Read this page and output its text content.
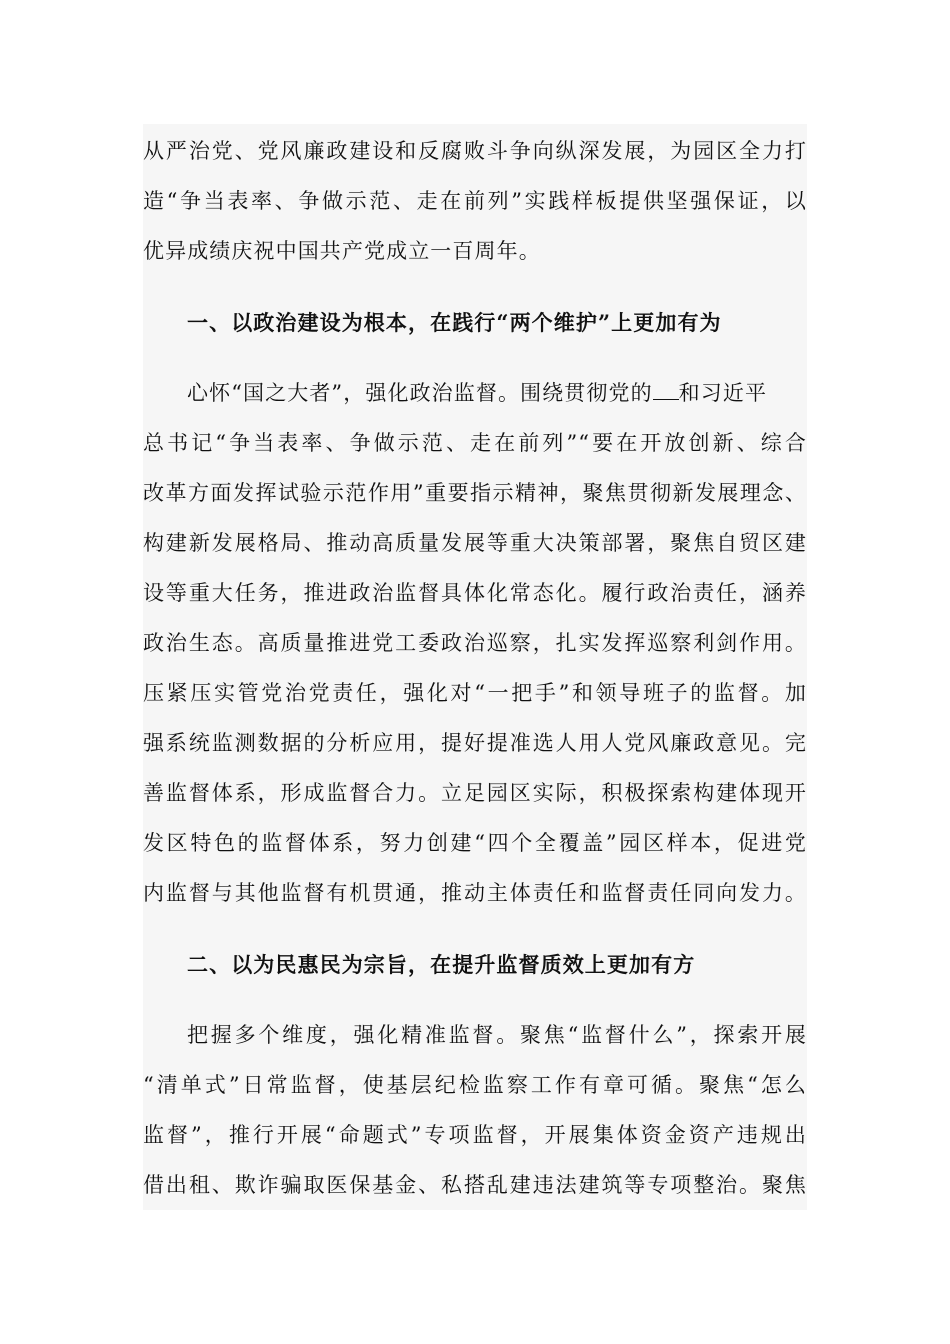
从严治党、党风廉政建设和反腐败斗争向纵深发展，为园区全力打
造“争当表率、争做示范、走在前列”实践样板提供坚强保证，以
优异成绩庆祝中国共产党成立一百周年。
一、以政治建设为根本，在践行“两个维护”上更加有为
心怀“国之大者”，强化政治监督。围绕贯彻党的 和习近平
总书记“争当表率、争做示范、走在前列”“要在开放创新、综合
改革方面发挥试验示范作用”重要指示精神，聚焦贯彻新发展理念、
构建新发展格局、推动高质量发展等重大决策部署，聚焦自贸区建
设等重大任务，推进政治监督具体化常态化。履行政治责任，涵养
政治生态。高质量推进党工委政治巡察，扎实发挥巡察利剑作用。
压紧压实管党治党责任，强化对“一把手”和领导班子的监督。加
强系统监测数据的分析应用，提好提准选人用人党风廉政意见。完
善监督体系，形成监督合力。立足园区实际，积极探索构建体现开
发区特色的监督体系，努力创建“四个全覆盖”园区样本，促进党
内监督与其他监督有机贯通，推动主体责任和监督责任同向发力。
二、以为民惠民为宗旨，在提升监督质效上更加有方
把握多个维度，强化精准监督。聚焦“监督什么”，探索开展
“清单式”日常监督，使基层纪检监察工作有章可循。聚焦“怎么
监督”，推行开展“命题式”专项监督，开展集体资金资产违规出
借出租、欺诈骗取医保基金、私搭乱建违法建筑等专项整治。聚焦
